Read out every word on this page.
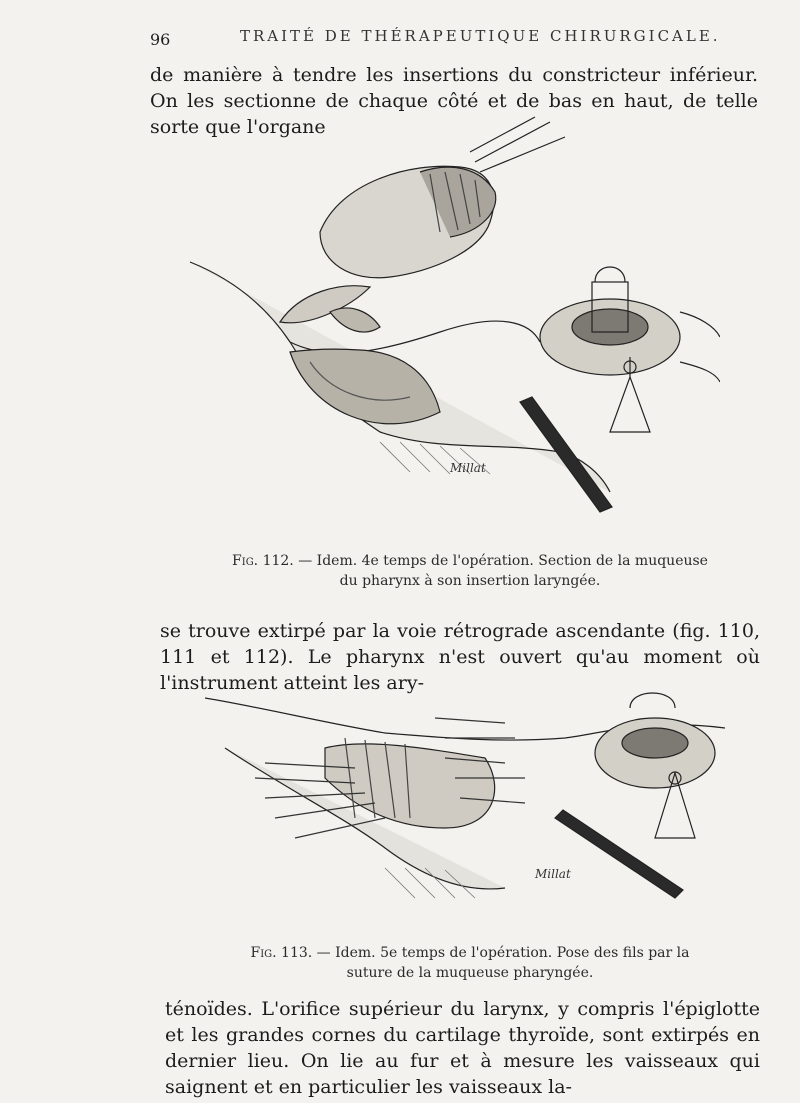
96	TRAITÉ DE THÉRAPEUTIQUE CHIRURGICALE.

de manière à tendre les insertions du constricteur inférieur. On les sectionne de chaque côté et de bas en haut, de telle sorte que l'organe

Millat
Fig. 112. — Idem. 4e temps de l'opération. Section de la muqueuse
du pharynx à son insertion laryngée.

se trouve extirpé par la voie rétrograde ascendante (fig. 110, 111 et 112). Le pharynx n'est ouvert qu'au moment où l'instrument atteint les ary-

Millat
Fig. 113. — Idem. 5e temps de l'opération. Pose des fils par la
suture de la muqueuse pharyngée.

ténoïdes. L'orifice supérieur du larynx, y compris l'épiglotte et les grandes cornes du cartilage thyroïde, sont extirpés en dernier lieu. On lie au fur et à mesure les vaisseaux qui saignent et en particulier les vaisseaux la-
